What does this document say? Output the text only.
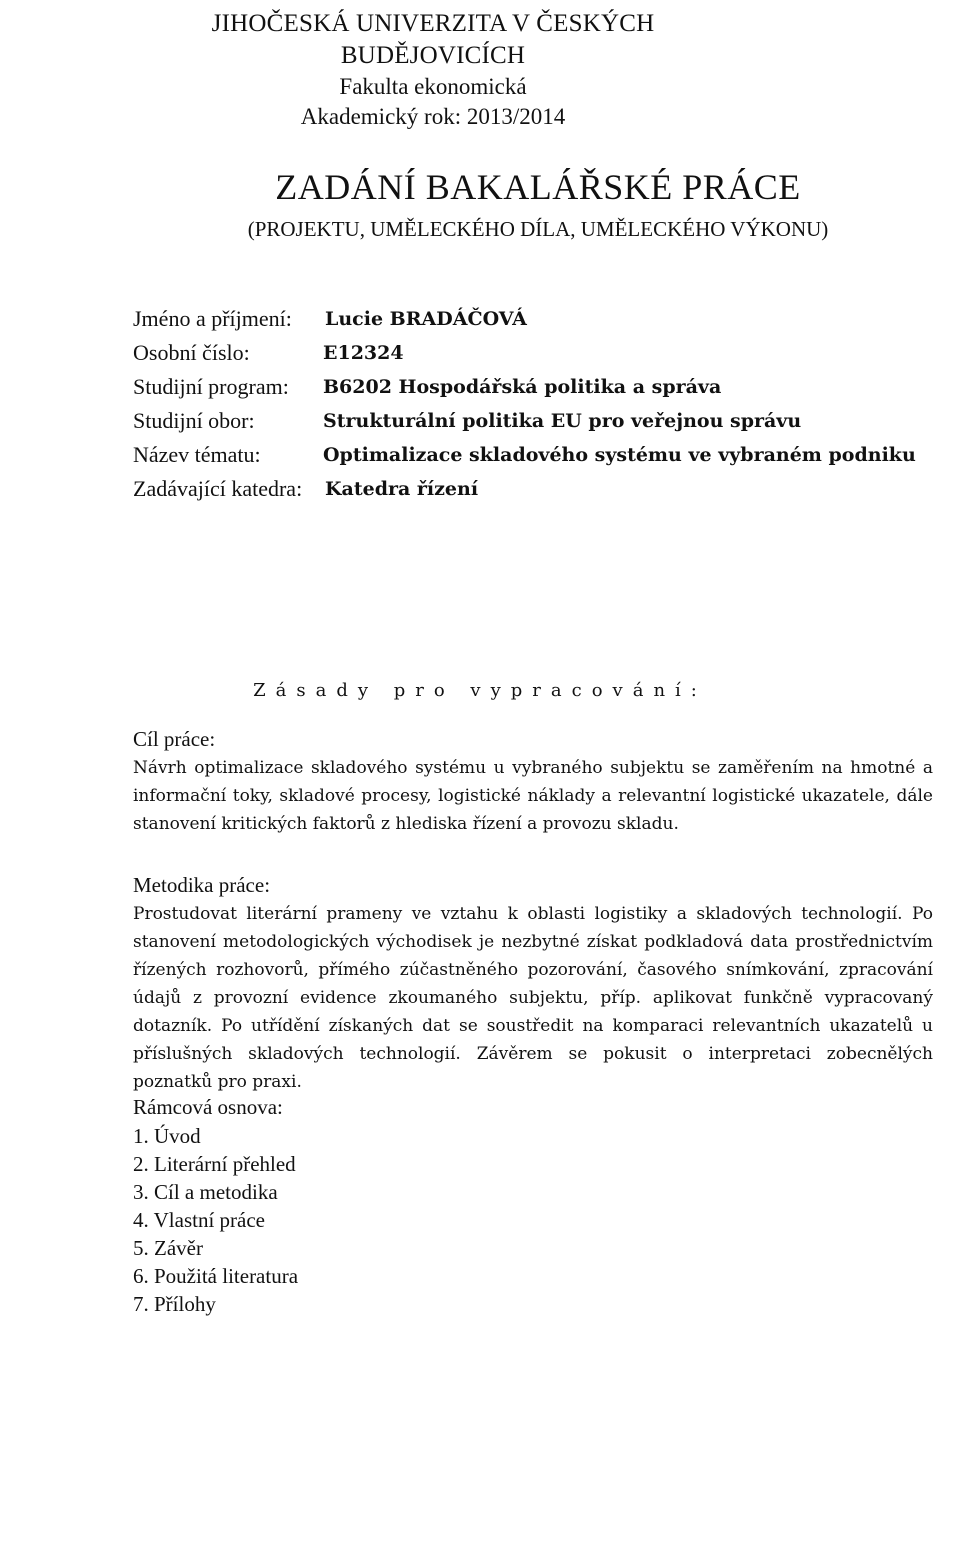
JIHOČESKÁ UNIVERZITA V ČESKÝCH BUDĚJOVICÍCH
Fakulta ekonomická
Akademický rok: 2013/2014
ZADÁNÍ BAKALÁŘSKÉ PRÁCE
(PROJEKTU, UMĚLECKÉHO DÍLA, UMĚLECKÉHO VÝKONU)
Jméno a příjmení: Lucie BRADÁČOVÁ
Osobní číslo:	E12324
Studijní program: B6202 Hospodářská politika a správa
Studijní obor:	Strukturální politika EU pro veřejnou správu
Název tématu:	Optimalizace skladového systému ve vybraném podniku
Zadávající katedra: Katedra řízení
Zásady pro vypracování:
Cíl práce:
Návrh optimalizace skladového systému u vybraného subjektu se zaměřením na hmotné a informační toky, skladové procesy, logistické náklady a relevantní logistické ukazatele, dále stanovení kritických faktorů z hlediska řízení a provozu skladu.
Metodika práce:
Prostudovat literární prameny ve vztahu k oblasti logistiky a skladových technologií. Po stanovení metodologických východisek je nezbytné získat podkladová data prostřednictvím řízených rozhovorů, přímého zúčastněného pozorování, časového snímkování, zpracování údajů z provozní evidence zkoumaného subjektu, příp. aplikovat funkčně vypracovaný dotazník. Po utřídění získaných dat se soustředit na komparaci relevantních ukazatelů u příslušných skladových technologií. Závěrem se pokusit o interpretaci zobecnělých poznatků pro praxi.
Rámcová osnova:
1. Úvod
2. Literární přehled
3. Cíl a metodika
4. Vlastní práce
5. Závěr
6. Použitá literatura
7. Přílohy
